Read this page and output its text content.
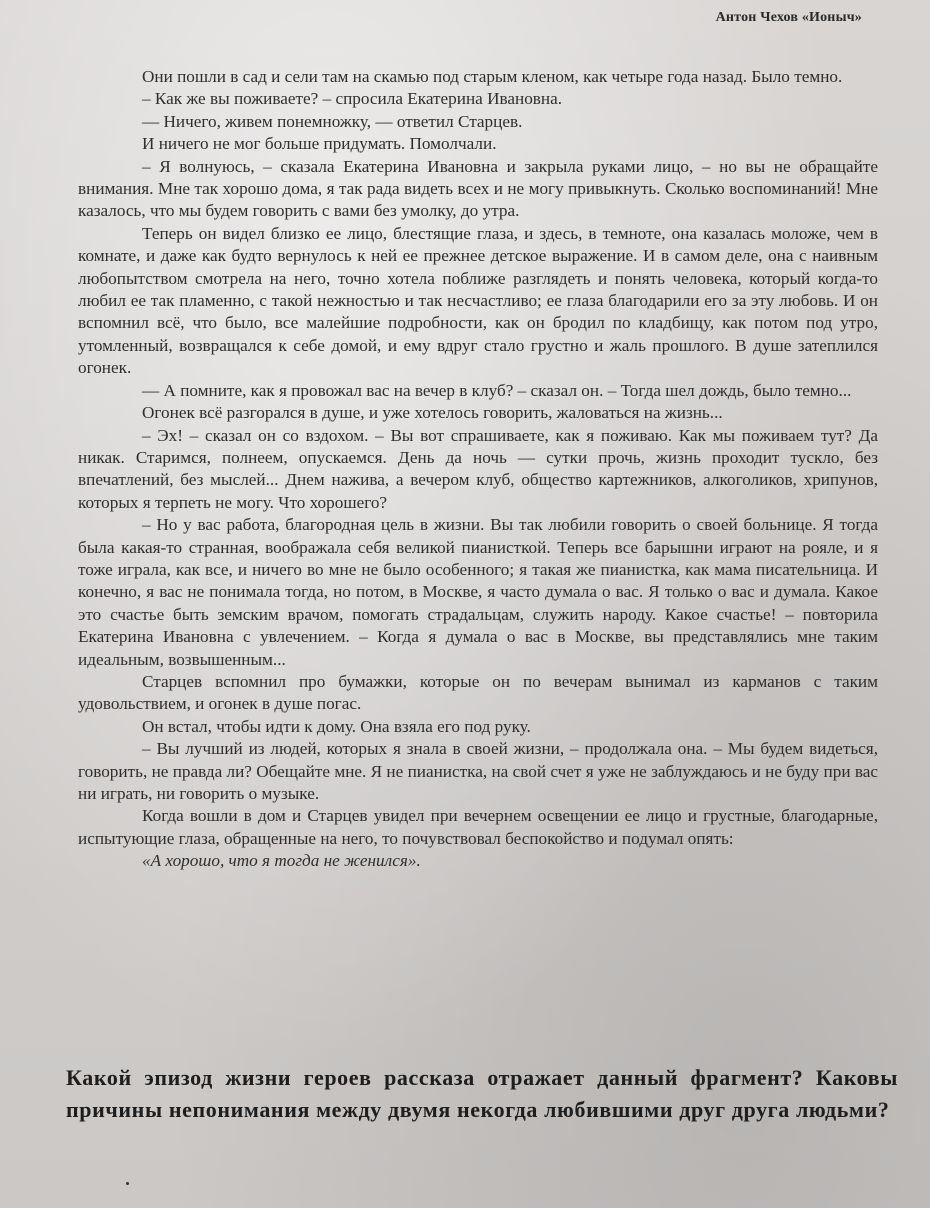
Антон Чехов «Ионыч»

Они пошли в сад и сели там на скамью под старым кленом, как четыре года назад. Было темно.

– Как же вы поживаете? – спросила Екатерина Ивановна.

— Ничего, живем понемножку, — ответил Старцев.

И ничего не мог больше придумать. Помолчали.

– Я волнуюсь, – сказала Екатерина Ивановна и закрыла руками лицо, – но вы не обращайте внимания. Мне так хорошо дома, я так рада видеть всех и не могу привыкнуть. Сколько воспоминаний! Мне казалось, что мы будем говорить с вами без умолку, до утра.

Теперь он видел близко ее лицо, блестящие глаза, и здесь, в темноте, она казалась моложе, чем в комнате, и даже как будто вернулось к ней ее прежнее детское выражение. И в самом деле, она с наивным любопытством смотрела на него, точно хотела поближе разглядеть и понять человека, который когда-то любил ее так пламенно, с такой нежностью и так несчастливо; ее глаза благодарили его за эту любовь. И он вспомнил всё, что было, все малейшие подробности, как он бродил по кладбищу, как потом под утро, утомленный, возвращался к себе домой, и ему вдруг стало грустно и жаль прошлого. В душе затеплился огонек.

— А помните, как я провожал вас на вечер в клуб? – сказал он. – Тогда шел дождь, было темно...

Огонек всё разгорался в душе, и уже хотелось говорить, жаловаться на жизнь...

– Эх! – сказал он со вздохом. – Вы вот спрашиваете, как я поживаю. Как мы поживаем тут? Да никак. Старимся, полнеем, опускаемся. День да ночь — сутки прочь, жизнь проходит тускло, без впечатлений, без мыслей... Днем нажива, а вечером клуб, общество картежников, алкоголиков, хрипунов, которых я терпеть не могу. Что хорошего?

– Но у вас работа, благородная цель в жизни. Вы так любили говорить о своей больнице. Я тогда была какая-то странная, воображала себя великой пианисткой. Теперь все барышни играют на рояле, и я тоже играла, как все, и ничего во мне не было особенного; я такая же пианистка, как мама писательница. И конечно, я вас не понимала тогда, но потом, в Москве, я часто думала о вас. Я только о вас и думала. Какое это счастье быть земским врачом, помогать страдальцам, служить народу. Какое счастье! – повторила Екатерина Ивановна с увлечением. – Когда я думала о вас в Москве, вы представлялись мне таким идеальным, возвышенным...

Старцев вспомнил про бумажки, которые он по вечерам вынимал из карманов с таким удовольствием, и огонек в душе погас.

Он встал, чтобы идти к дому. Она взяла его под руку.

– Вы лучший из людей, которых я знала в своей жизни, – продолжала она. – Мы будем видеться, говорить, не правда ли? Обещайте мне. Я не пианистка, на свой счет я уже не заблуждаюсь и не буду при вас ни играть, ни говорить о музыке.

Когда вошли в дом и Старцев увидел при вечернем освещении ее лицо и грустные, благодарные, испытующие глаза, обращенные на него, то почувствовал беспокойство и подумал опять:

«А хорошо, что я тогда не женился».

Какой эпизод жизни героев рассказа отражает данный фрагмент? Каковы причины непонимания между двумя некогда любившими друг друга людьми?
